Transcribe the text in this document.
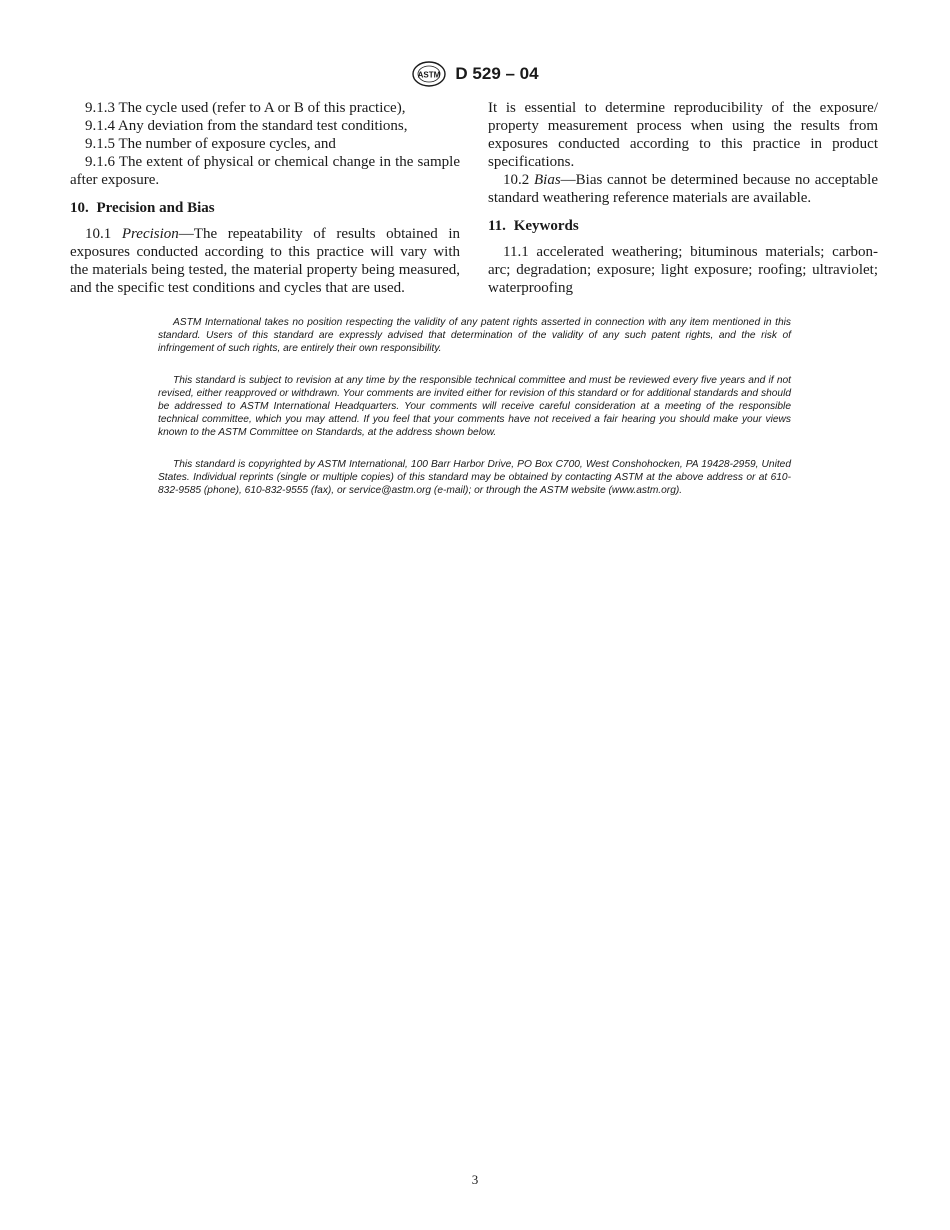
ASTM D 529 – 04

9.1.3 The cycle used (refer to A or B of this practice),

9.1.4 Any deviation from the standard test conditions,

9.1.5 The number of exposure cycles, and

9.1.6 The extent of physical or chemical change in the sample after exposure.

10. Precision and Bias

10.1 Precision—The repeatability of results obtained in exposures conducted according to this practice will vary with the materials being tested, the material property being measured, and the specific test conditions and cycles that are used.

It is essential to determine reproducibility of the exposure/ property measurement process when using the results from exposures conducted according to this practice in product specifications.

10.2 Bias—Bias cannot be determined because no acceptable standard weathering reference materials are available.

11. Keywords

11.1 accelerated weathering; bituminous materials; carbon-arc; degradation; exposure; light exposure; roofing; ultraviolet; waterproofing

ASTM International takes no position respecting the validity of any patent rights asserted in connection with any item mentioned in this standard. Users of this standard are expressly advised that determination of the validity of any such patent rights, and the risk of infringement of such rights, are entirely their own responsibility.

This standard is subject to revision at any time by the responsible technical committee and must be reviewed every five years and if not revised, either reapproved or withdrawn. Your comments are invited either for revision of this standard or for additional standards and should be addressed to ASTM International Headquarters. Your comments will receive careful consideration at a meeting of the responsible technical committee, which you may attend. If you feel that your comments have not received a fair hearing you should make your views known to the ASTM Committee on Standards, at the address shown below.

This standard is copyrighted by ASTM International, 100 Barr Harbor Drive, PO Box C700, West Conshohocken, PA 19428-2959, United States. Individual reprints (single or multiple copies) of this standard may be obtained by contacting ASTM at the above address or at 610-832-9585 (phone), 610-832-9555 (fax), or service@astm.org (e-mail); or through the ASTM website (www.astm.org).

3
